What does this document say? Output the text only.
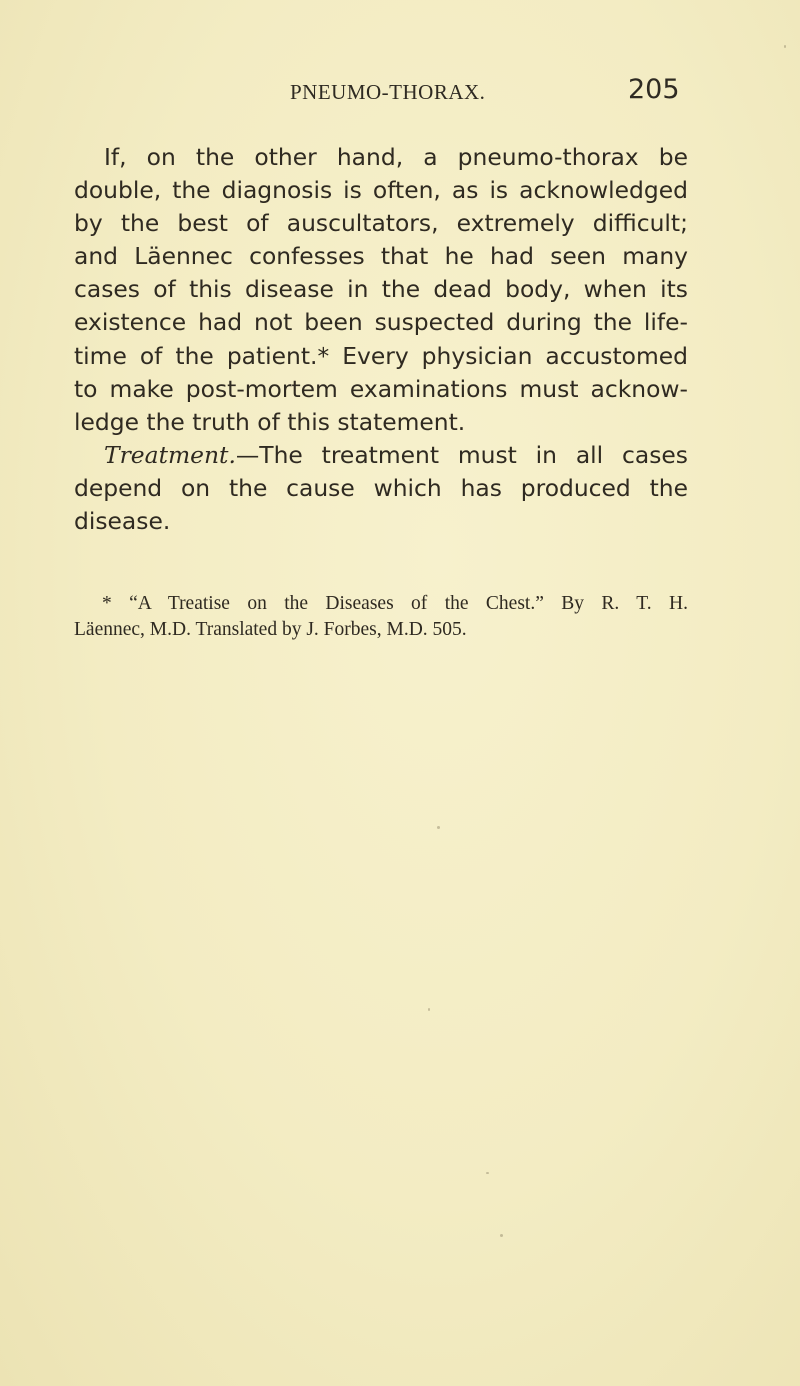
PNEUMO-THORAX.	205
If, on the other hand, a pneumo-thorax be
double, the diagnosis is often, as is acknowledged
by the best of auscultators, extremely difficult;
and Läennec confesses that he had seen many
cases of this disease in the dead body, when its
existence had not been suspected during the life-
time of the patient.* Every physician accustomed
to make post-mortem examinations must acknow-
ledge the truth of this statement.
Treatment.—The treatment must in all cases
depend on the cause which has produced the
disease.
* “A Treatise on the Diseases of the Chest.” By R. T. H.
Läennec, M.D. Translated by J. Forbes, M.D. 505.
